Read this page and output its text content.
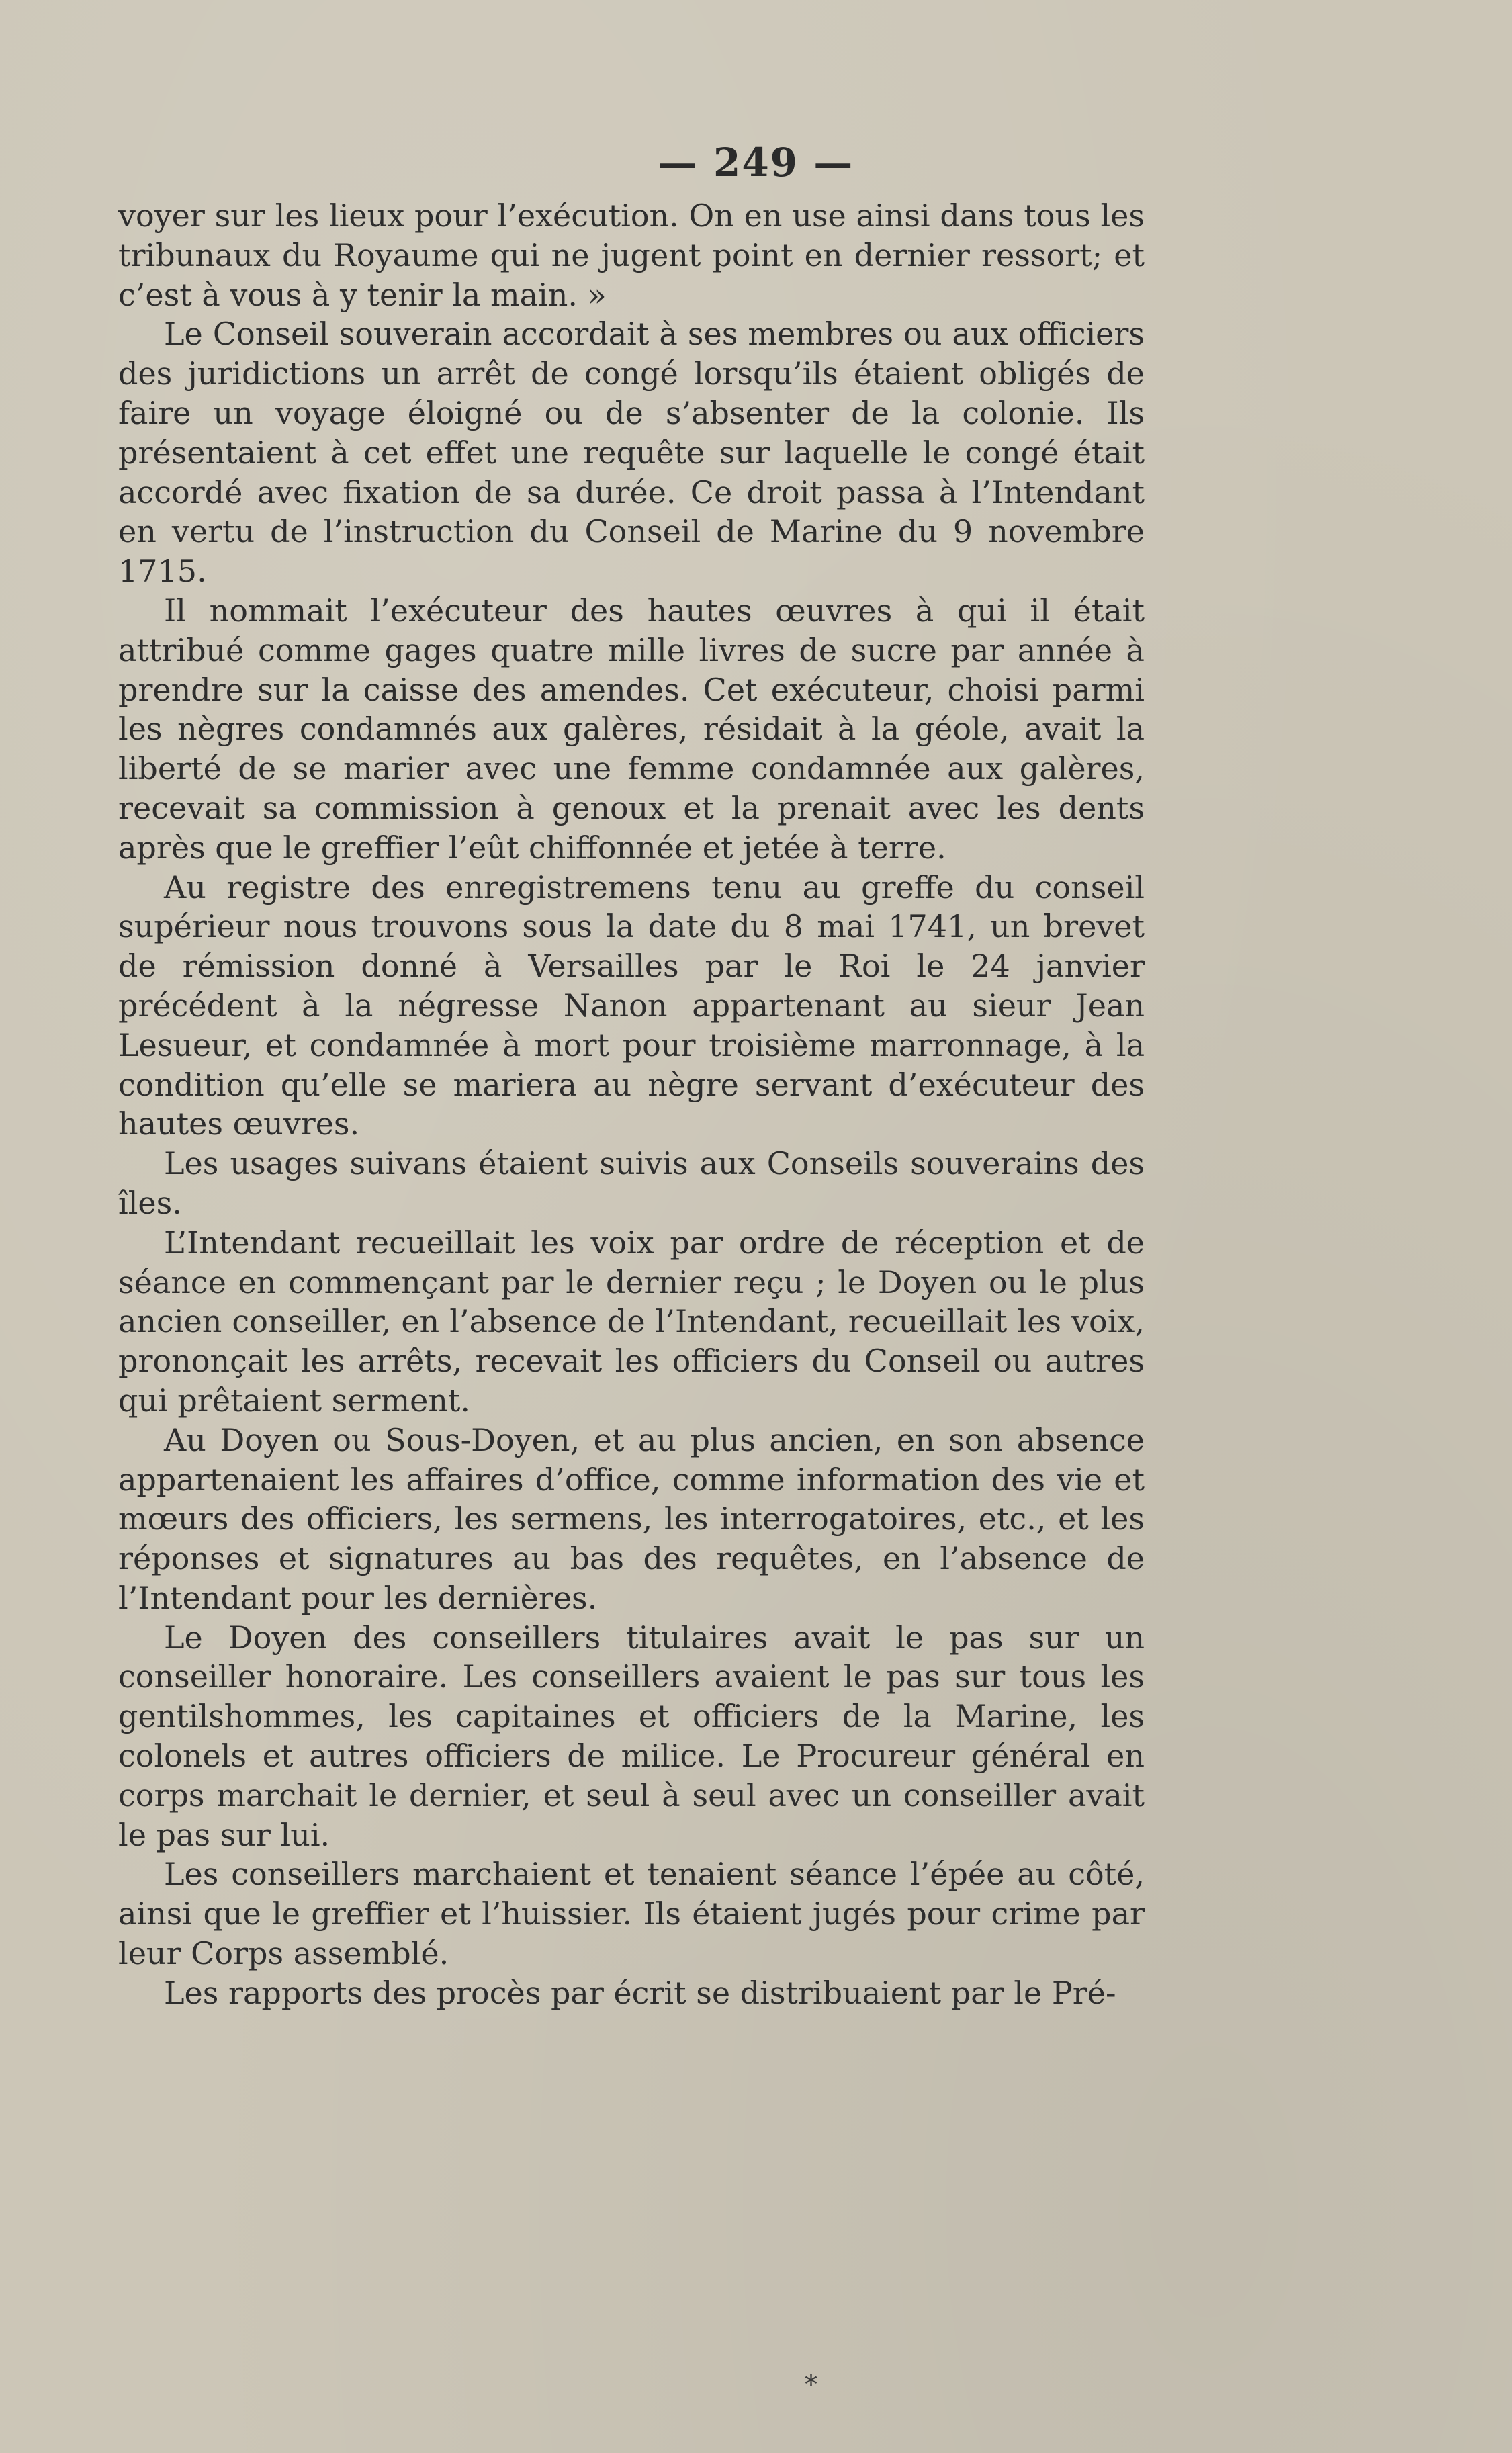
— 249 —

voyer sur les lieux pour l’exécution. On en use ainsi dans tous les tribunaux du Royaume qui ne jugent point en dernier ressort; et c’est à vous à y tenir la main. »

Le Conseil souverain accordait à ses membres ou aux officiers des juridictions un arrêt de congé lorsqu’ils étaient obligés de faire un voyage éloigné ou de s’absenter de la colonie. Ils présentaient à cet effet une requête sur laquelle le congé était accordé avec fixation de sa durée. Ce droit passa à l’Intendant en vertu de l’instruction du Conseil de Marine du 9 novembre 1715.

Il nommait l’exécuteur des hautes œuvres à qui il était attribué comme gages quatre mille livres de sucre par année à prendre sur la caisse des amendes. Cet exécuteur, choisi parmi les nègres condamnés aux galères, résidait à la géole, avait la liberté de se marier avec une femme condamnée aux galères, recevait sa commission à genoux et la prenait avec les dents après que le greffier l’eût chiffonnée et jetée à terre.

Au registre des enregistremens tenu au greffe du conseil supérieur nous trouvons sous la date du 8 mai 1741, un brevet de rémission donné à Versailles par le Roi le 24 janvier précédent à la négresse Nanon appartenant au sieur Jean Lesueur, et condamnée à mort pour troisième marronnage, à la condition qu’elle se mariera au nègre servant d’exécuteur des hautes œuvres.

Les usages suivans étaient suivis aux Conseils souverains des îles.

L’Intendant recueillait les voix par ordre de réception et de séance en commençant par le dernier reçu ; le Doyen ou le plus ancien conseiller, en l’absence de l’Intendant, recueillait les voix, prononçait les arrêts, recevait les officiers du Conseil ou autres qui prêtaient serment.

Au Doyen ou Sous-Doyen, et au plus ancien, en son absence appartenaient les affaires d’office, comme information des vie et mœurs des officiers, les sermens, les interrogatoires, etc., et les réponses et signatures au bas des requêtes, en l’absence de l’Intendant pour les dernières.

Le Doyen des conseillers titulaires avait le pas sur un conseiller honoraire. Les conseillers avaient le pas sur tous les gentilshommes, les capitaines et officiers de la Marine, les colonels et autres officiers de milice. Le Procureur général en corps marchait le dernier, et seul à seul avec un conseiller avait le pas sur lui.

Les conseillers marchaient et tenaient séance l’épée au côté, ainsi que le greffier et l’huissier. Ils étaient jugés pour crime par leur Corps assemblé.

Les rapports des procès par écrit se distribuaient par le Pré-

*
